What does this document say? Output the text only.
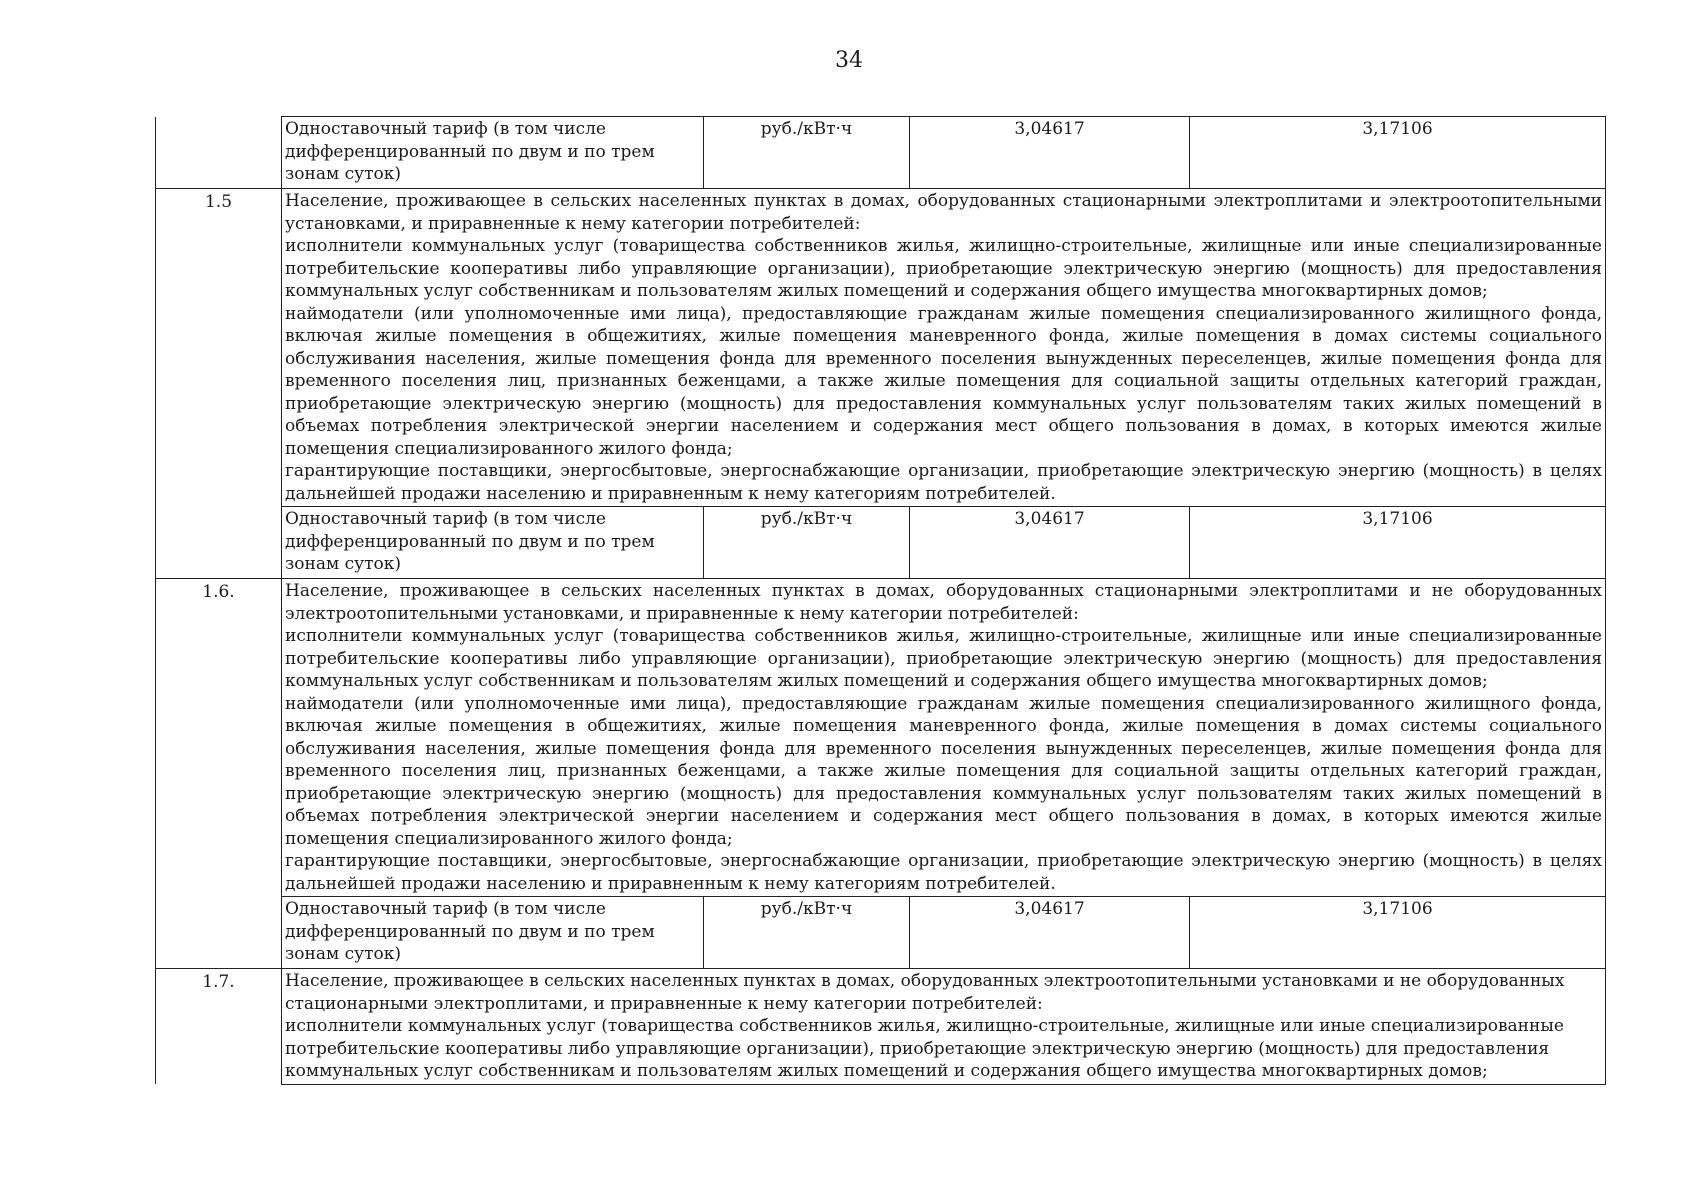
34
	Одноставочный тариф (в том числе дифференцированный по двум и по трем зонам суток)	руб./кВт·ч	3,04617	3,17106
1.5	Население, проживающее в сельских населенных пунктах в домах, оборудованных стационарными электроплитами и электроотопительными установками, и приравненные к нему категории потребителей:

исполнители коммунальных услуг (товарищества собственников жилья, жилищно-строительные, жилищные или иные специализированные потребительские кооперативы либо управляющие организации), приобретающие электрическую энергию (мощность) для предоставления коммунальных услуг собственникам и пользователям жилых помещений и содержания общего имущества многоквартирных домов;

наймодатели (или уполномоченные ими лица), предоставляющие гражданам жилые помещения специализированного жилищного фонда, включая жилые помещения в общежитиях, жилые помещения маневренного фонда, жилые помещения в домах системы социального обслуживания населения, жилые помещения фонда для временного поселения вынужденных переселенцев, жилые помещения фонда для временного поселения лиц, признанных беженцами, а также жилые помещения для социальной защиты отдельных категорий граждан, приобретающие электрическую энергию (мощность) для предоставления коммунальных услуг пользователям таких жилых помещений в объемах потребления электрической энергии населением и содержания мест общего пользования в домах, в которых имеются жилые помещения специализированного жилого фонда;

гарантирующие поставщики, энергосбытовые, энергоснабжающие организации, приобретающие электрическую энергию (мощность) в целях дальнейшей продажи населению и приравненным к нему категориям потребителей.			

	Одноставочный тариф (в том числе дифференцированный по двум и по трем зонам суток)	руб./кВт·ч	3,04617	3,17106
1.6.	Население, проживающее в сельских населенных пунктах в домах, оборудованных стационарными электроплитами и не оборудованных электроотопительными установками, и приравненные к нему категории потребителей:

исполнители коммунальных услуг (товарищества собственников жилья, жилищно-строительные, жилищные или иные специализированные потребительские кооперативы либо управляющие организации), приобретающие электрическую энергию (мощность) для предоставления коммунальных услуг собственникам и пользователям жилых помещений и содержания общего имущества многоквартирных домов;

наймодатели (или уполномоченные ими лица), предоставляющие гражданам жилые помещения специализированного жилищного фонда, включая жилые помещения в общежитиях, жилые помещения маневренного фонда, жилые помещения в домах системы социального обслуживания населения, жилые помещения фонда для временного поселения вынужденных переселенцев, жилые помещения фонда для временного поселения лиц, признанных беженцами, а также жилые помещения для социальной защиты отдельных категорий граждан, приобретающие электрическую энергию (мощность) для предоставления коммунальных услуг пользователям таких жилых помещений в объемах потребления электрической энергии населением и содержания мест общего пользования в домах, в которых имеются жилые помещения специализированного жилого фонда;

гарантирующие поставщики, энергосбытовые, энергоснабжающие организации, приобретающие электрическую энергию (мощность) в целях дальнейшей продажи населению и приравненным к нему категориям потребителей.			

	Одноставочный тариф (в том числе дифференцированный по двум и по трем зонам суток)	руб./кВт·ч	3,04617	3,17106
1.7.	Население, проживающее в сельских населенных пунктах в домах, оборудованных электроотопительными установками и не оборудованных стационарными электроплитами, и приравненные к нему категории потребителей:

исполнители коммунальных услуг (товарищества собственников жилья, жилищно-строительные, жилищные или иные специализированные потребительские кооперативы либо управляющие организации), приобретающие электрическую энергию (мощность) для предоставления коммунальных услуг собственникам и пользователям жилых помещений и содержания общего имущества многоквартирных домов;			
